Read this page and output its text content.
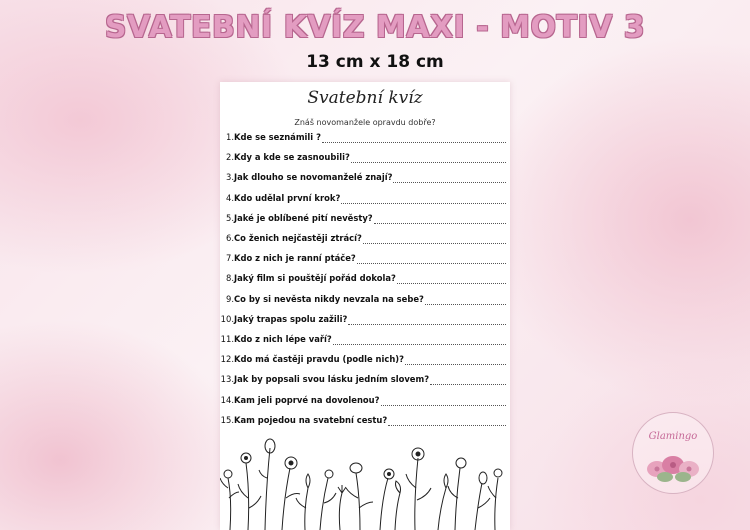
SVATEBNÍ KVÍZ MAXI - MOTIV 3
13 cm x 18 cm
Svatební kvíz
Znáš novomanžele opravdu dobře?
1. Kde se seznámili ?
2. Kdy a kde se zasnoubili?
3. Jak dlouho se novomanželé znají?
4. Kdo udělal první krok?
5. Jaké je oblíbené pití nevěsty?
6. Co ženich nejčastěji ztrácí?
7. Kdo z nich je ranní ptáče?
8. Jaký film si pouštějí pořád dokola?
9. Co by si nevěsta nikdy nevzala na sebe?
10. Jaký trapas spolu zažili?
11. Kdo z nich lépe vaří?
12. Kdo má častěji pravdu (podle nich)?
13. Jak by popsali svou lásku jedním slovem?
14. Kam jeli poprvé na dovolenou?
15. Kam pojedou na svatební cestu?
Glamingo
